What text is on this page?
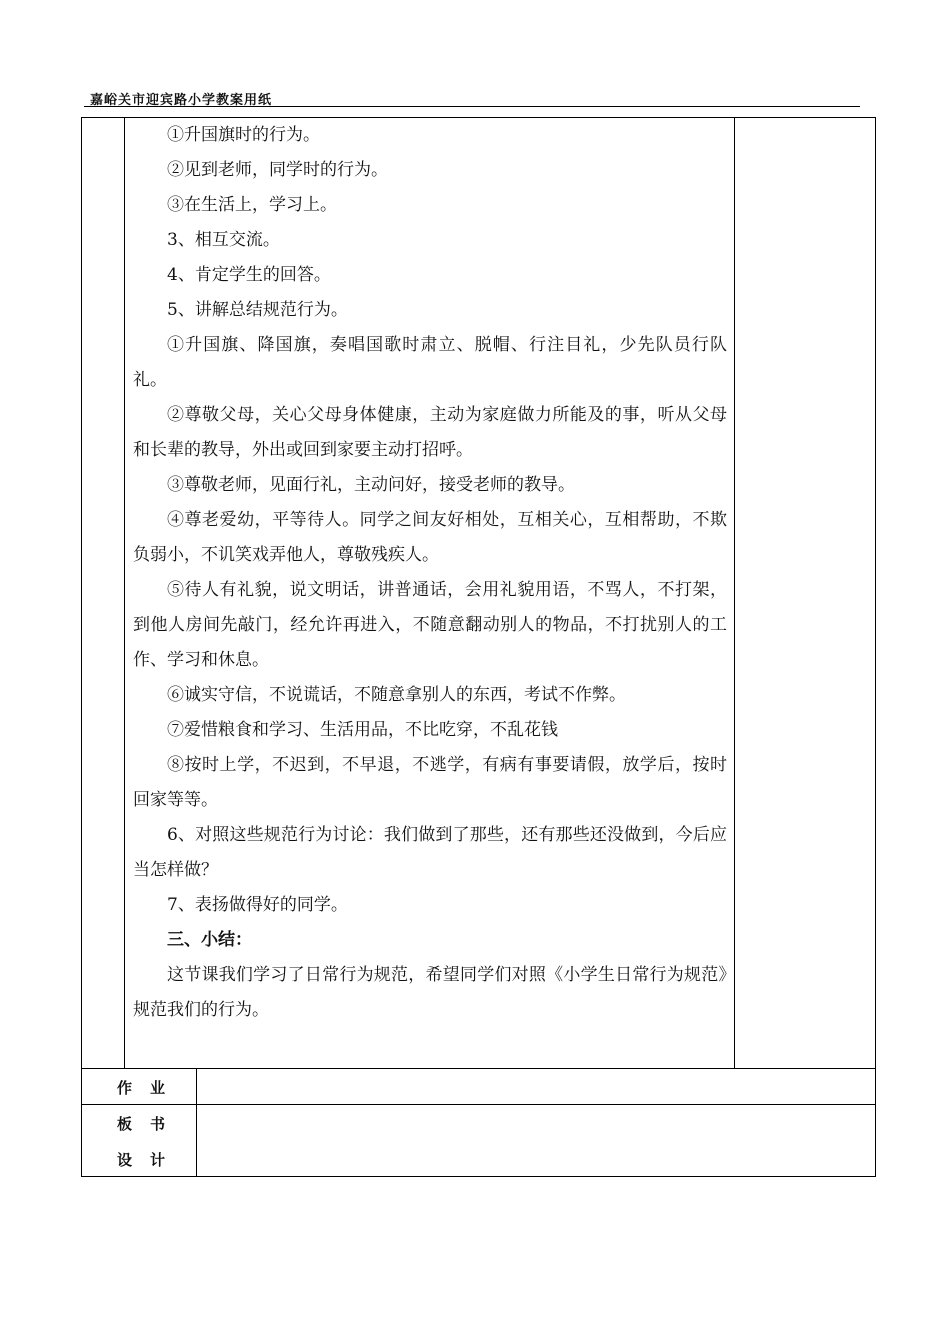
嘉峪关市迎宾路小学教案用纸

①升国旗时的行为。

②见到老师，同学时的行为。

③在生活上，学习上。

3、相互交流。

4、肯定学生的回答。

5、讲解总结规范行为。

①升国旗、降国旗，奏唱国歌时肃立、脱帽、行注目礼，少先队员行队礼。

②尊敬父母，关心父母身体健康，主动为家庭做力所能及的事，听从父母和长辈的教导，外出或回到家要主动打招呼。

③尊敬老师，见面行礼，主动问好，接受老师的教导。

④尊老爱幼，平等待人。同学之间友好相处，互相关心，互相帮助，不欺负弱小，不讥笑戏弄他人，尊敬残疾人。

⑤待人有礼貌，说文明话，讲普通话，会用礼貌用语，不骂人，不打架，到他人房间先敲门，经允许再进入，不随意翻动别人的物品，不打扰别人的工作、学习和休息。

⑥诚实守信，不说谎话，不随意拿别人的东西，考试不作弊。

⑦爱惜粮食和学习、生活用品，不比吃穿，不乱花钱

⑧按时上学，不迟到，不早退，不逃学，有病有事要请假，放学后，按时回家等等。

6、对照这些规范行为讨论：我们做到了那些，还有那些还没做到，今后应当怎样做？

7、表扬做得好的同学。

三、小结：

这节课我们学习了日常行为规范，希望同学们对照《小学生日常行为规范》规范我们的行为。

作业
板书
设计
